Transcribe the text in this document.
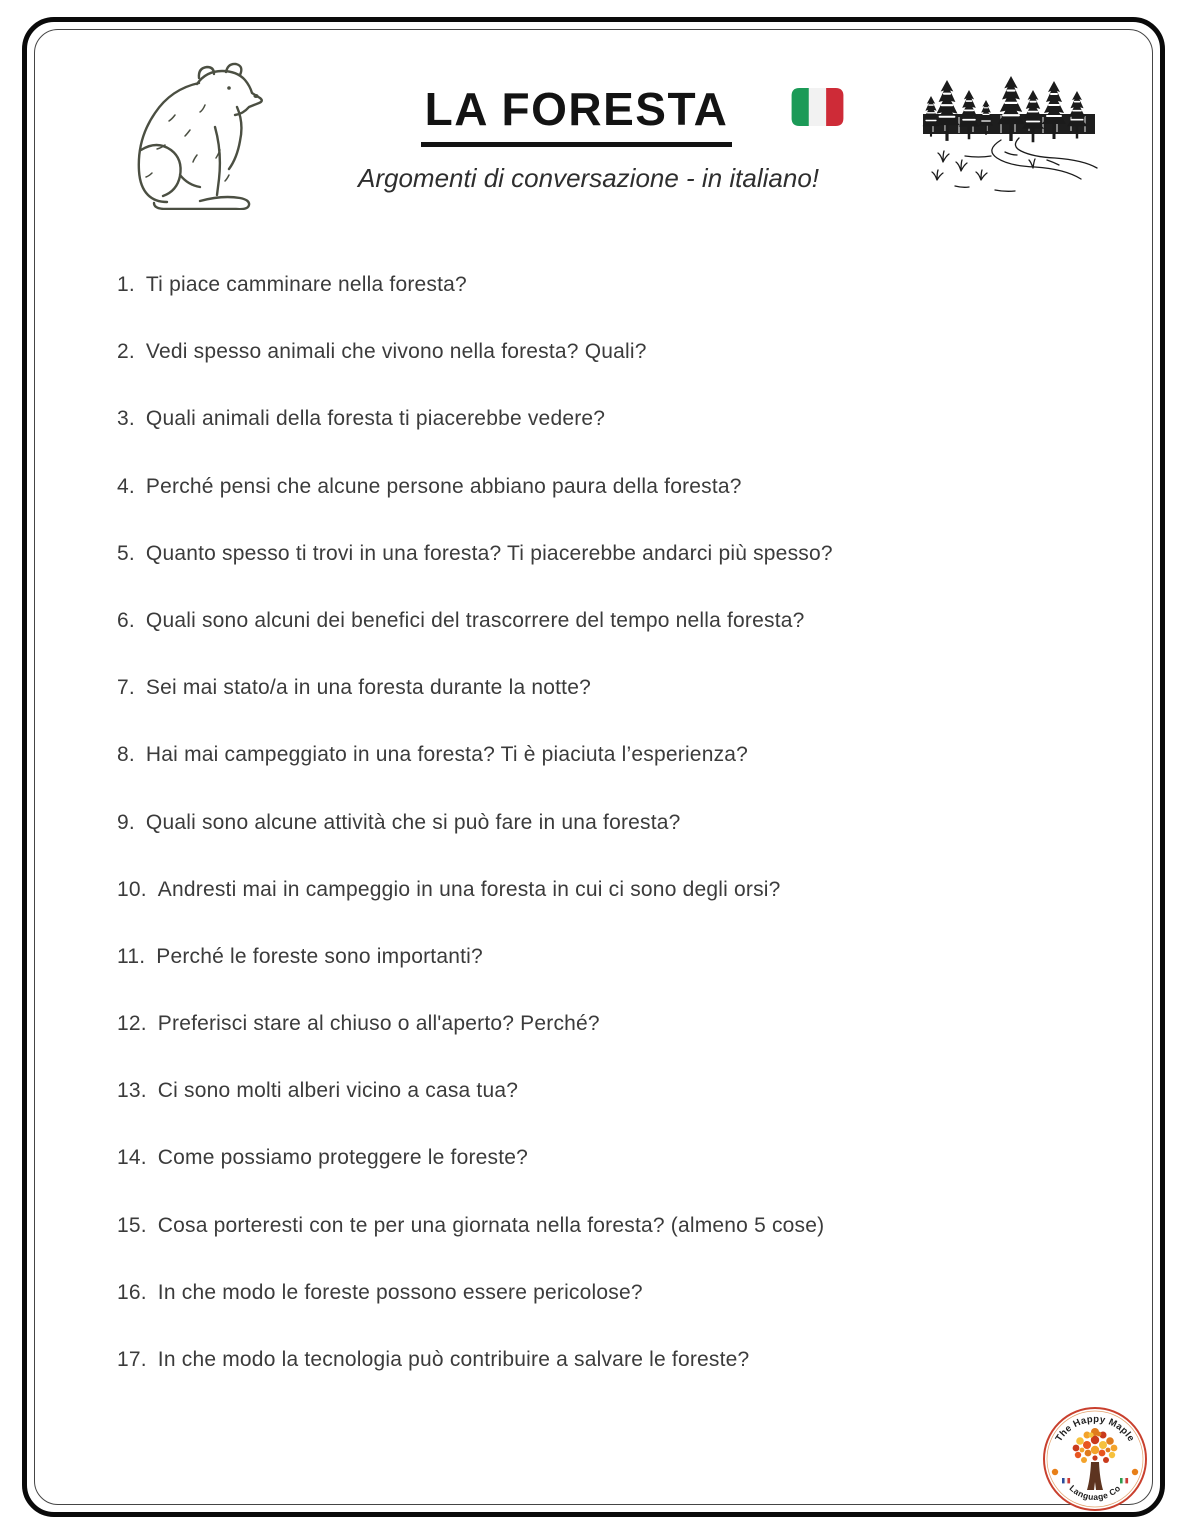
LA FORESTA

Argomenti di conversazione - in italiano!

1. Ti piace camminare nella foresta?
2. Vedi spesso animali che vivono nella foresta? Quali?
3. Quali animali della foresta ti piacerebbe vedere?
4. Perché pensi che alcune persone abbiano paura della foresta?
5. Quanto spesso ti trovi in una foresta? Ti piacerebbe andarci più spesso?
6. Quali sono alcuni dei benefici del trascorrere del tempo nella foresta?
7. Sei mai stato/a in una foresta durante la notte?
8. Hai mai campeggiato in una foresta? Ti è piaciuta l’esperienza?
9. Quali sono alcune attività che si può fare in una foresta?
10. Andresti mai in campeggio in una foresta in cui ci sono degli orsi?
11. Perché le foreste sono importanti?
12. Preferisci stare al chiuso o all'aperto? Perché?
13. Ci sono molti alberi vicino a casa tua?
14. Come possiamo proteggere le foreste?
15. Cosa porteresti con te per una giornata nella foresta? (almeno 5 cose)
16. In che modo le foreste possono essere pericolose?
17. In che modo la tecnologia può contribuire a salvare le foreste?
The Happy Maple
Language Co
